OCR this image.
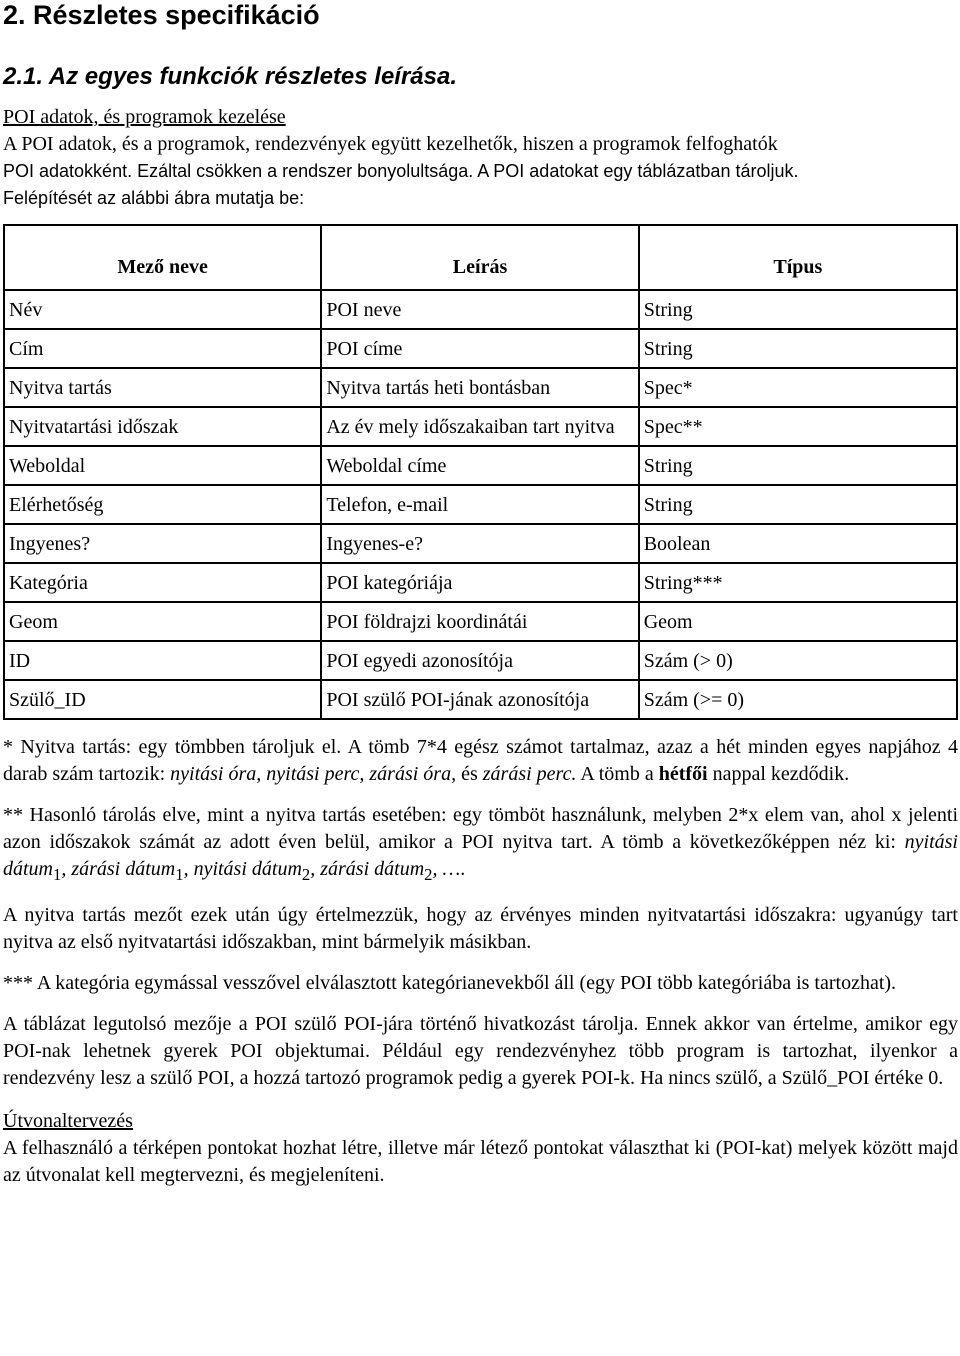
2. Részletes specifikáció
2.1. Az egyes funkciók részletes leírása.
POI adatok, és programok kezelése
A POI adatok, és a programok, rendezvények együtt kezelhetők, hiszen a programok felfoghatók
POI adatokként. Ezáltal csökken a rendszer bonyolultsága. A POI adatokat egy táblázatban tároljuk.
Felépítését az alábbi ábra mutatja be:
Mező neve	Leírás	Típus
Név	POI neve	String
Cím	POI címe	String
Nyitva tartás	Nyitva tartás heti bontásban	Spec*
Nyitvatartási időszak	Az év mely időszakaiban tart nyitva	Spec**
Weboldal	Weboldal címe	String
Elérhetőség	Telefon, e-mail	String
Ingyenes?	Ingyenes-e?	Boolean
Kategória	POI kategóriája	String***
Geom	POI földrajzi koordinátái	Geom
ID	POI egyedi azonosítója	Szám (> 0)
Szülő_ID	POI szülő POI-jának azonosítója	Szám (>= 0)
* Nyitva tartás: egy tömbben tároljuk el. A tömb 7*4 egész számot tartalmaz, azaz a hét minden egyes napjához 4 darab szám tartozik: nyitási óra, nyitási perc, zárási óra, és zárási perc. A tömb a hétfői nappal kezdődik.
** Hasonló tárolás elve, mint a nyitva tartás esetében: egy tömböt használunk, melyben 2*x elem van, ahol x jelenti azon időszakok számát az adott éven belül, amikor a POI nyitva tart. A tömb a következőképpen néz ki: nyitási dátum$_1$, zárási dátum$_1$, nyitási dátum$_2$, zárási dátum$_2$, ….
A nyitva tartás mezőt ezek után úgy értelmezzük, hogy az érvényes minden nyitvatartási időszakra: ugyanúgy tart nyitva az első nyitvatartási időszakban, mint bármelyik másikban.
*** A kategória egymással vesszővel elválasztott kategórianevekből áll (egy POI több kategóriába is tartozhat).
A táblázat legutolsó mezője a POI szülő POI-jára történő hivatkozást tárolja. Ennek akkor van értelme, amikor egy POI-nak lehetnek gyerek POI objektumai. Például egy rendezvényhez több program is tartozhat, ilyenkor a rendezvény lesz a szülő POI, a hozzá tartozó programok pedig a gyerek POI-k. Ha nincs szülő, a Szülő_POI értéke 0.
Útvonaltervezés
A felhasználó a térképen pontokat hozhat létre, illetve már létező pontokat választhat ki (POI-kat) melyek között majd az útvonalat kell megtervezni, és megjeleníteni.
